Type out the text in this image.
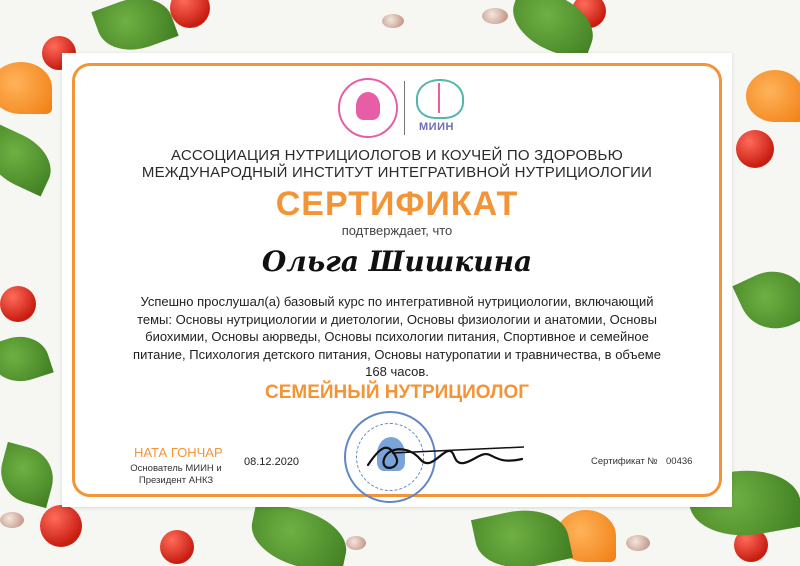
МИИН
АССОЦИАЦИЯ НУТРИЦИОЛОГОВ И КОУЧЕЙ ПО ЗДОРОВЬЮ
МЕЖДУНАРОДНЫЙ ИНСТИТУТ ИНТЕГРАТИВНОЙ НУТРИЦИОЛОГИИ
СЕРТИФИКАТ
подтверждает, что
Ольга Шишкина
Успешно прослушал(а) базовый курс по интегративной нутрициологии, включающий темы: Основы нутрициологии и диетологии, Основы физиологии и анатомии, Основы биохимии, Основы аюрведы, Основы психологии питания, Спортивное и семейное питание, Психология детского питания, Основы натуропатии и травничества, в объеме 168 часов.
СЕМЕЙНЫЙ НУТРИЦИОЛОГ
НАТА ГОНЧАР
Основатель МИИН и Президент АНКЗ
08.12.2020	Сертификат № 00436
